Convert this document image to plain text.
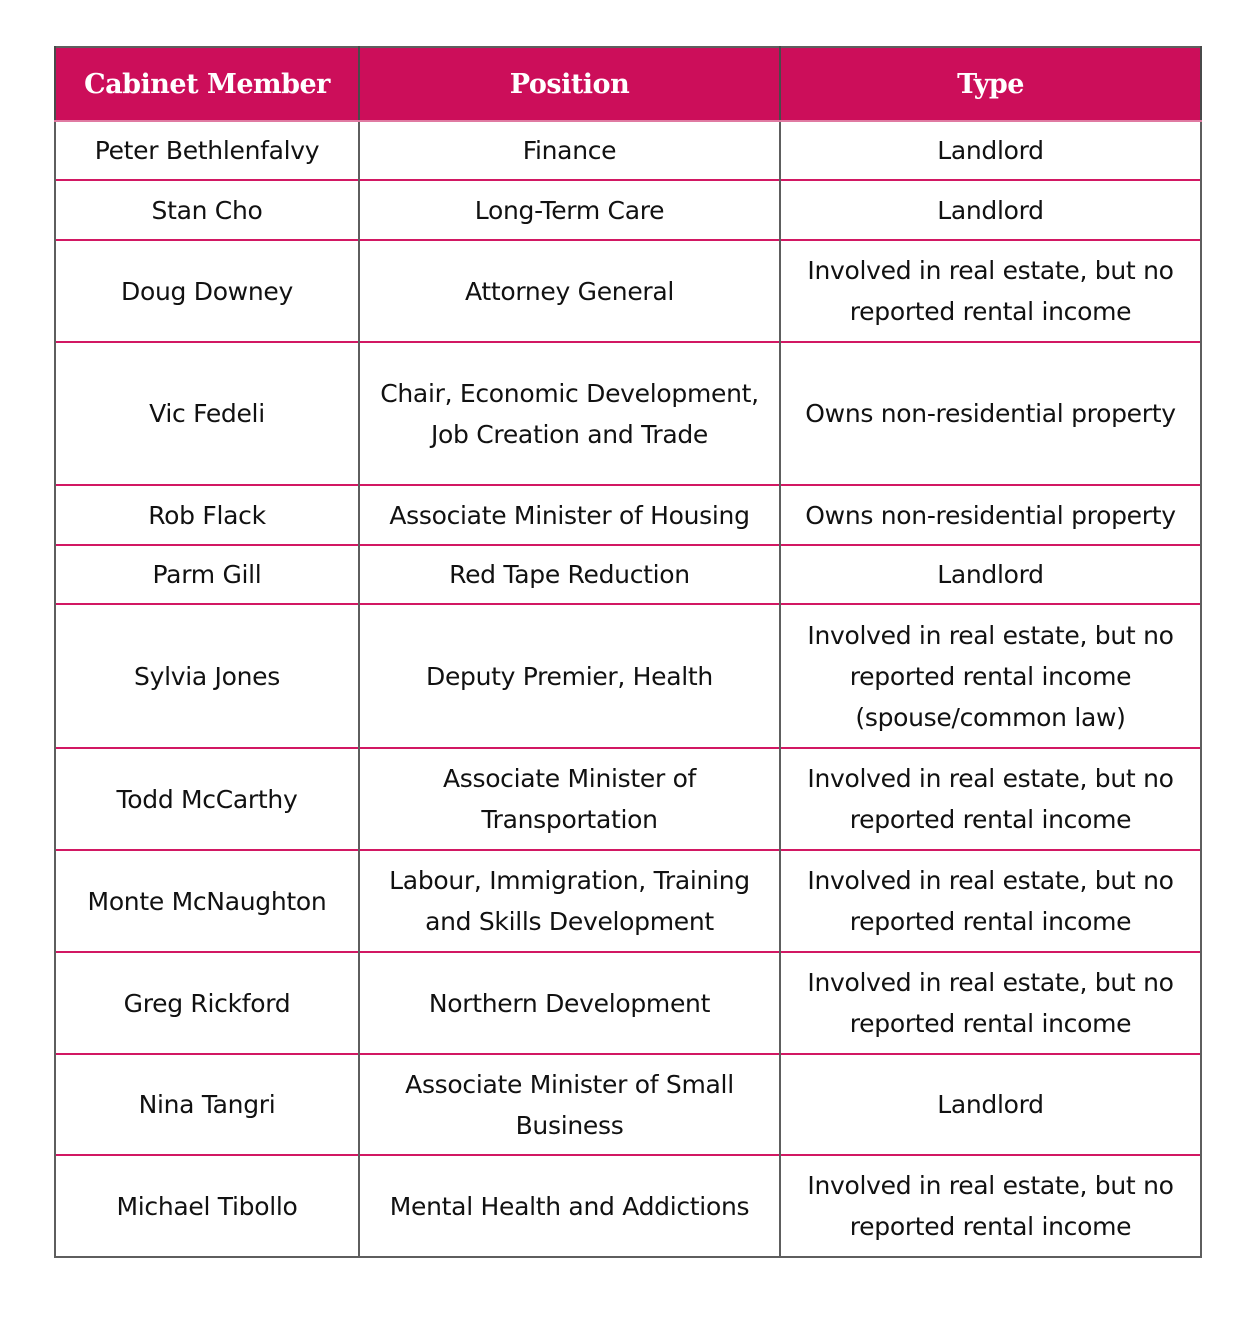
Cabinet Member	Position	Type
Peter Bethlenfalvy	Finance	Landlord
Stan Cho	Long-Term Care	Landlord
Doug Downey	Attorney General	Involved in real estate, but no reported rental income
Vic Fedeli	Chair, Economic Development, Job Creation and Trade	Owns non-residential property
Rob Flack	Associate Minister of Housing	Owns non-residential property
Parm Gill	Red Tape Reduction	Landlord
Sylvia Jones	Deputy Premier, Health	Involved in real estate, but no reported rental income (spouse/common law)
Todd McCarthy	Associate Minister of Transportation	Involved in real estate, but no reported rental income
Monte McNaughton	Labour, Immigration, Training and Skills Development	Involved in real estate, but no reported rental income
Greg Rickford	Northern Development	Involved in real estate, but no reported rental income
Nina Tangri	Associate Minister of Small Business	Landlord
Michael Tibollo	Mental Health and Addictions	Involved in real estate, but no reported rental income
